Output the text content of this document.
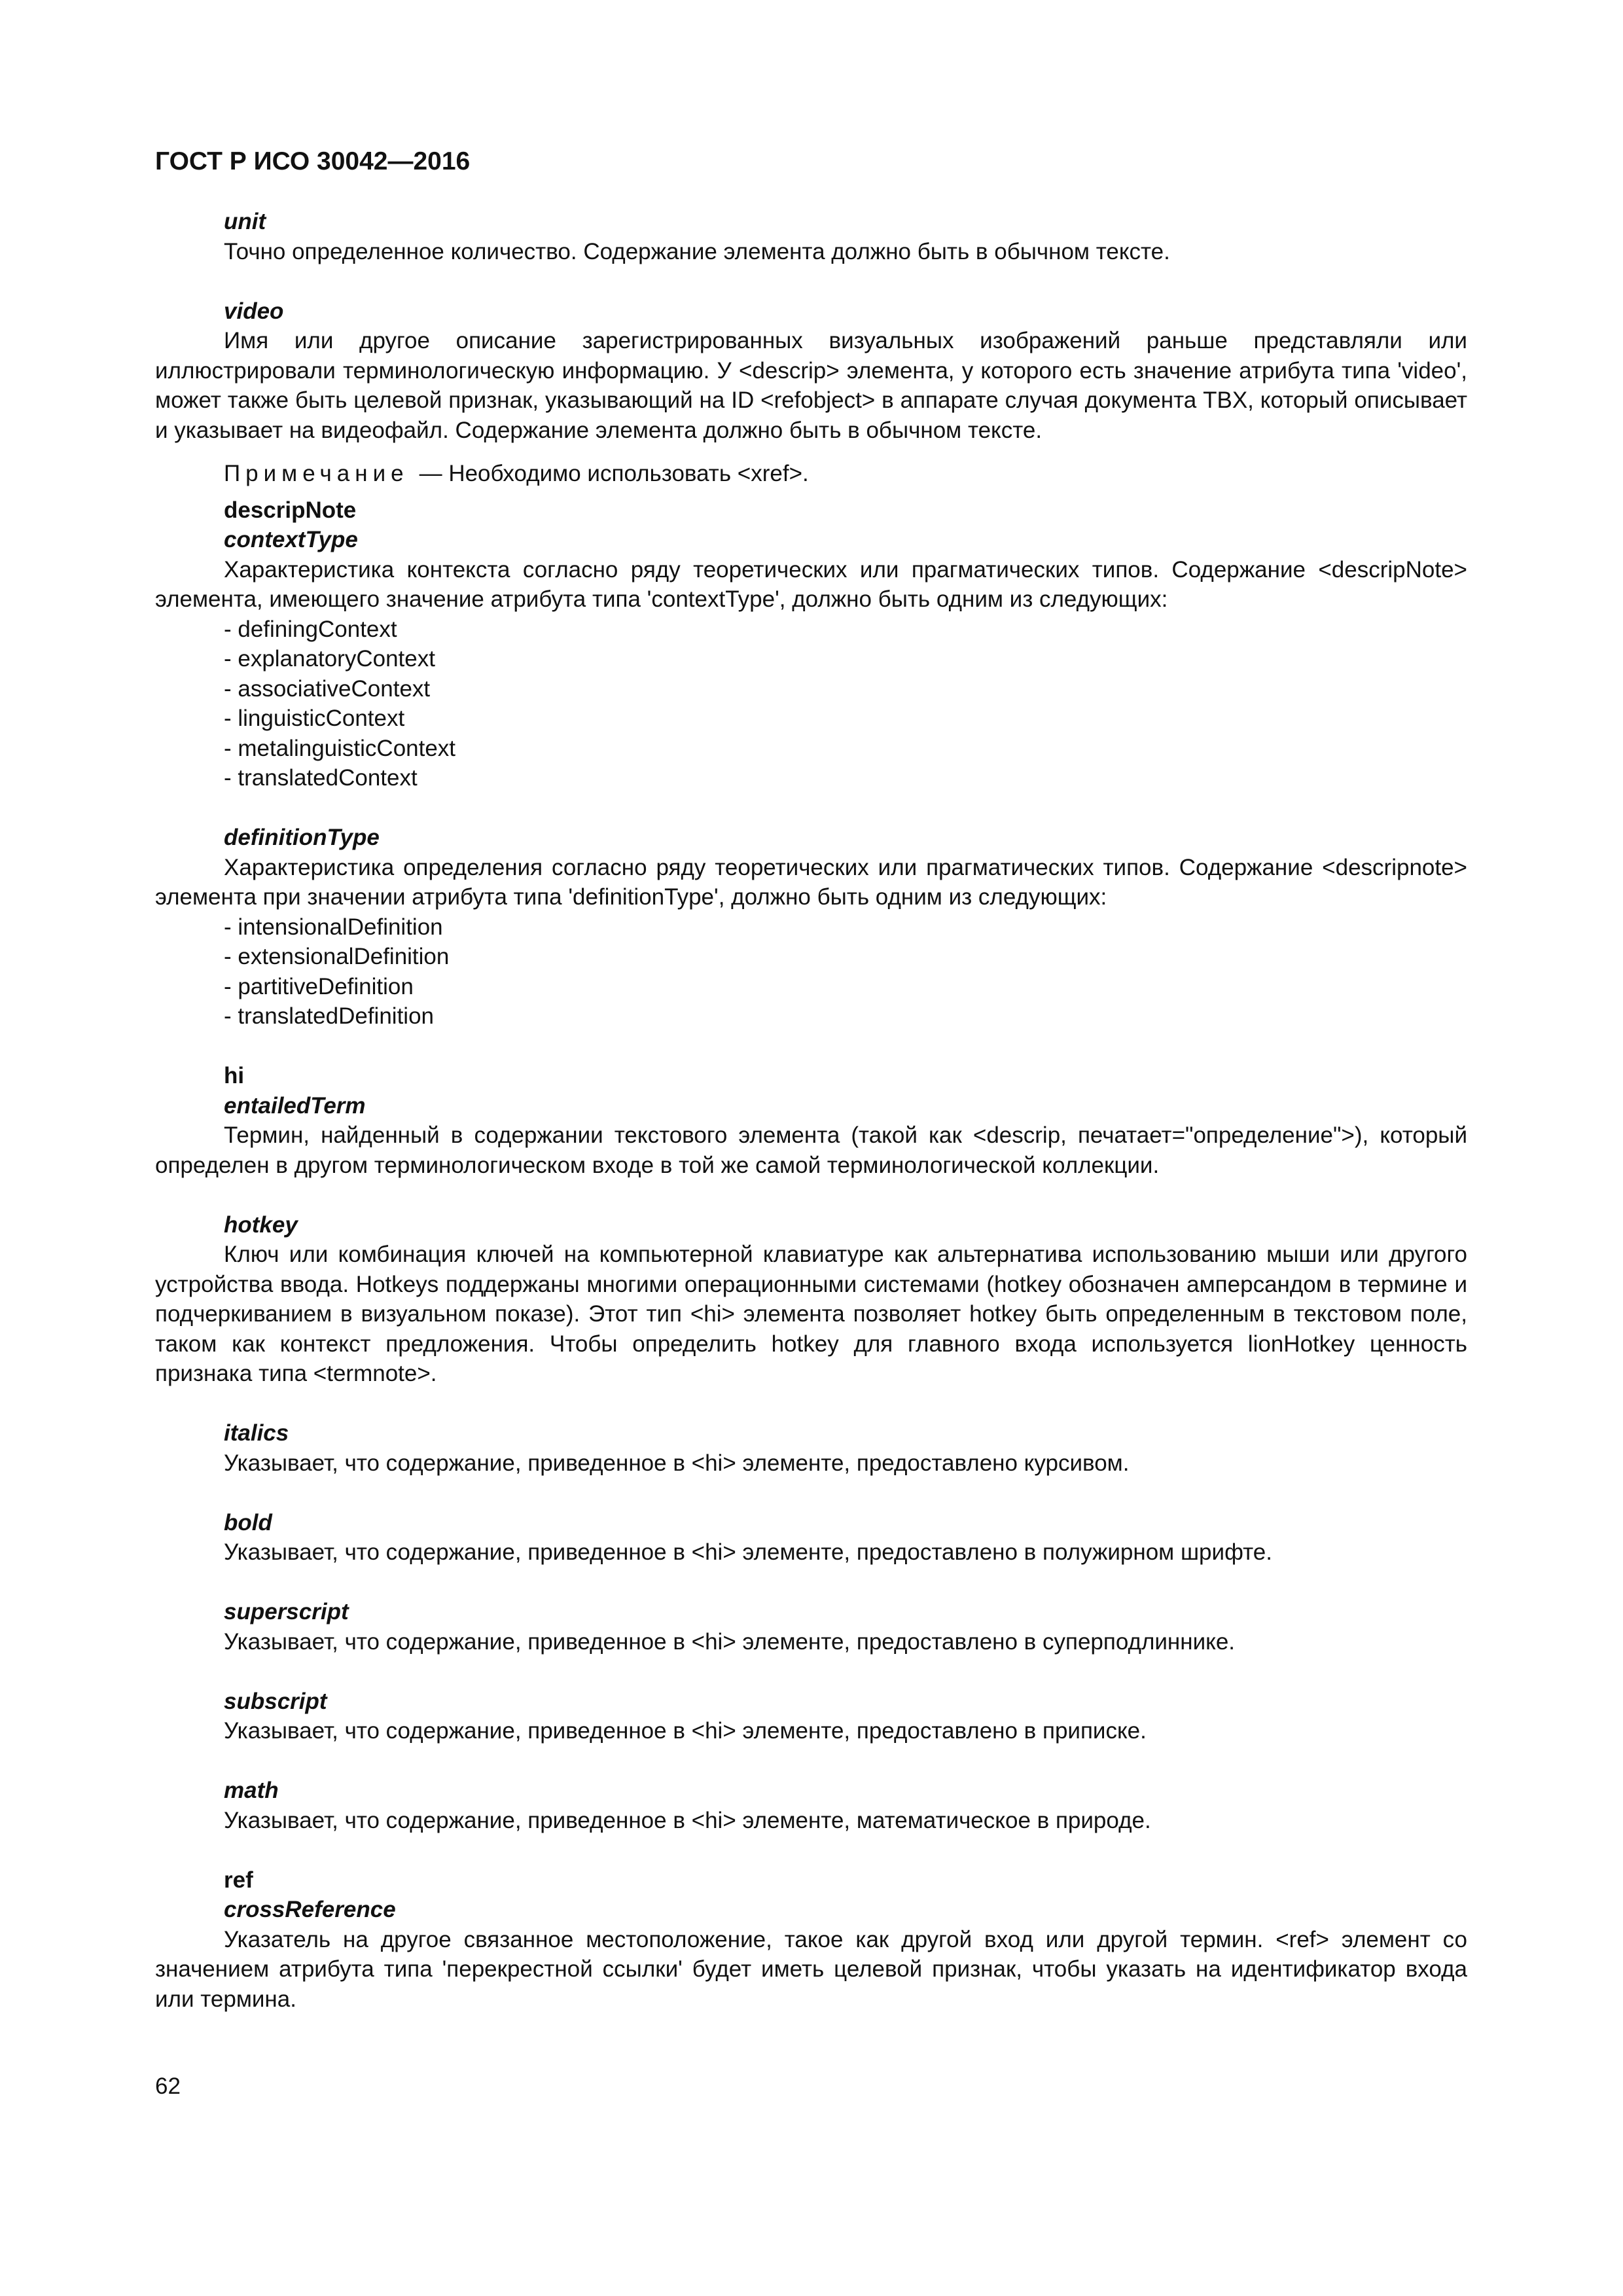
ГОСТ Р ИСО 30042—2016
unit
Точно определенное количество. Содержание элемента должно быть в обычном тексте.
video
Имя или другое описание зарегистрированных визуальных изображений раньше представляли или иллюстрировали терминологическую информацию. У <descrip> элемента, у которого есть значение атрибута типа 'video', может также быть целевой признак, указывающий на ID <refobject> в аппарате случая документа TBX, который описывает и указывает на видеофайл. Содержание элемента должно быть в обычном тексте.
Примечание — Необходимо использовать <xref>.
descripNote
contextType
Характеристика контекста согласно ряду теоретических или прагматических типов. Содержание <descripNote> элемента, имеющего значение атрибута типа 'contextType', должно быть одним из следующих:
- definingContext
- explanatoryContext
- associativeContext
- linguisticContext
- metalinguisticContext
- translatedContext
definitionType
Характеристика определения согласно ряду теоретических или прагматических типов. Содержание <descripnote> элемента при значении атрибута типа 'definitionType', должно быть одним из следующих:
- intensionalDefinition
- extensionalDefinition
- partitiveDefinition
- translatedDefinition
hi
entailedTerm
Термин, найденный в содержании текстового элемента (такой как <descrip, печатает="определение">), который определен в другом терминологическом входе в той же самой терминологической коллекции.
hotkey
Ключ или комбинация ключей на компьютерной клавиатуре как альтернатива использованию мыши или другого устройства ввода. Hotkeys поддержаны многими операционными системами (hotkey обозначен амперсандом в термине и подчеркиванием в визуальном показе). Этот тип <hi> элемента позволяет hotkey быть определенным в текстовом поле, таком как контекст предложения. Чтобы определить hotkey для главного входа используется lionHotkey ценность признака типа <termnote>.
italics
Указывает, что содержание, приведенное в <hi> элементе, предоставлено курсивом.
bold
Указывает, что содержание, приведенное в <hi> элементе, предоставлено в полужирном шрифте.
superscript
Указывает, что содержание, приведенное в <hi> элементе, предоставлено в суперподлиннике.
subscript
Указывает, что содержание, приведенное в <hi> элементе, предоставлено в приписке.
math
Указывает, что содержание, приведенное в <hi> элементе, математическое в природе.
ref
crossReference
Указатель на другое связанное местоположение, такое как другой вход или другой термин. <ref> элемент со значением атрибута типа 'перекрестной ссылки' будет иметь целевой признак, чтобы указать на идентификатор входа или термина.
62
